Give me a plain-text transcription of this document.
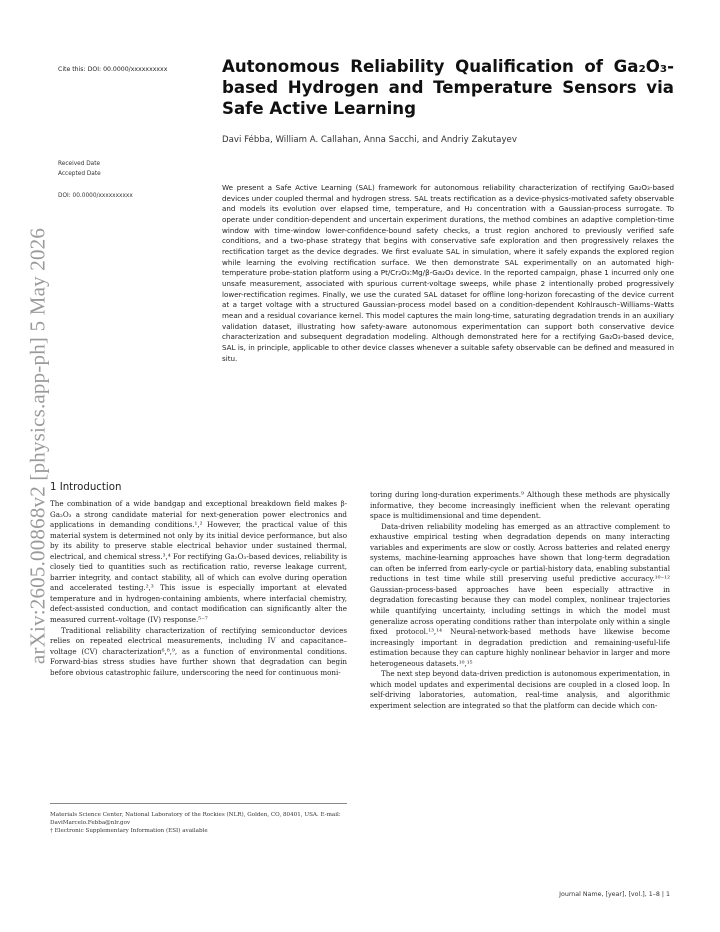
arXiv:2605.00868v2 [physics.app-ph] 5 May 2026
Cite this: DOI: 00.0000/xxxxxxxxxx	Autonomous Reliability Qualification of Ga₂O₃-based Hydrogen and Temperature Sensors via Safe Active Learning
Davi Fébba, William A. Callahan, Anna Sacchi, and Andriy Zakutayev
Received Date
Accepted Date
DOI: 00.0000/xxxxxxxxxx

We present a Safe Active Learning (SAL) framework for autonomous reliability characterization of rectifying Ga₂O₃-based devices under coupled thermal and hydrogen stress. SAL treats rectification as a device-physics-motivated safety observable and models its evolution over elapsed time, temperature, and H₂ concentration with a Gaussian-process surrogate. To operate under condition-dependent and uncertain experiment durations, the method combines an adaptive completion-time window with time-window lower-confidence-bound safety checks, a trust region anchored to previously verified safe conditions, and a two-phase strategy that begins with conservative safe exploration and then progressively relaxes the rectification target as the device degrades. We first evaluate SAL in simulation, where it safely expands the explored region while learning the evolving rectification surface. We then demonstrate SAL experimentally on an automated high-temperature probe-station platform using a Pt/Cr₂O₃:Mg/β-Ga₂O₃ device. In the reported campaign, phase 1 incurred only one unsafe measurement, associated with spurious current-voltage sweeps, while phase 2 intentionally probed progressively lower-rectification regimes. Finally, we use the curated SAL dataset for offline long-horizon forecasting of the device current at a target voltage with a structured Gaussian-process model based on a condition-dependent Kohlrausch–Williams–Watts mean and a residual covariance kernel. This model captures the main long-time, saturating degradation trends in an auxiliary validation dataset, illustrating how safety-aware autonomous experimentation can support both conservative device characterization and subsequent degradation modeling. Although demonstrated here for a rectifying Ga₂O₃-based device, SAL is, in principle, applicable to other device classes whenever a suitable safety observable can be defined and measured in situ.

1 Introduction

The combination of a wide bandgap and exceptional breakdown field makes β-Ga₂O₃ a strong candidate material for next-generation power electronics and applications in demanding conditions.¹,² However, the practical value of this material system is determined not only by its initial device performance, but also by its ability to preserve stable electrical behavior under sustained thermal, electrical, and chemical stress.³,⁴ For rectifying Ga₂O₃-based devices, reliability is closely tied to quantities such as rectification ratio, reverse leakage current, barrier integrity, and contact stability, all of which can evolve during operation and accelerated testing.²,³ This issue is especially important at elevated temperature and in hydrogen-containing ambients, where interfacial chemistry, defect-assisted conduction, and contact modification can significantly alter the measured current–voltage (IV) response.⁵⁻⁷

Traditional reliability characterization of rectifying semiconductor devices relies on repeated electrical measurements, including IV and capacitance–voltage (CV) characterization⁶,⁸,⁹, as a function of environmental conditions. Forward-bias stress studies have further shown that degradation can begin before obvious catastrophic failure, underscoring the need for continuous moni-

toring during long-duration experiments.⁹ Although these methods are physically informative, they become increasingly inefficient when the relevant operating space is multidimensional and time dependent.

Data-driven reliability modeling has emerged as an attractive complement to exhaustive empirical testing when degradation depends on many interacting variables and experiments are slow or costly. Across batteries and related energy systems, machine-learning approaches have shown that long-term degradation can often be inferred from early-cycle or partial-history data, enabling substantial reductions in test time while still preserving useful predictive accuracy.¹⁰⁻¹² Gaussian-process-based approaches have been especially attractive in degradation forecasting because they can model complex, nonlinear trajectories while quantifying uncertainty, including settings in which the model must generalize across operating conditions rather than interpolate only within a single fixed protocol.¹³,¹⁴ Neural-network-based methods have likewise become increasingly important in degradation prediction and remaining-useful-life estimation because they can capture highly nonlinear behavior in larger and more heterogeneous datasets.¹⁰,¹⁵

The next step beyond data-driven prediction is autonomous experimentation, in which model updates and experimental decisions are coupled in a closed loop. In self-driving laboratories, automation, real-time analysis, and algorithmic experiment selection are integrated so that the platform can decide which con-

Materials Science Center, National Laboratory of the Rockies (NLR), Golden, CO, 80401, USA. E-mail: DaviMarcelo.Febba@nlr.gov
† Electronic Supplementary Information (ESI) available
Journal Name, [year], [vol.], 1–8 | 1
